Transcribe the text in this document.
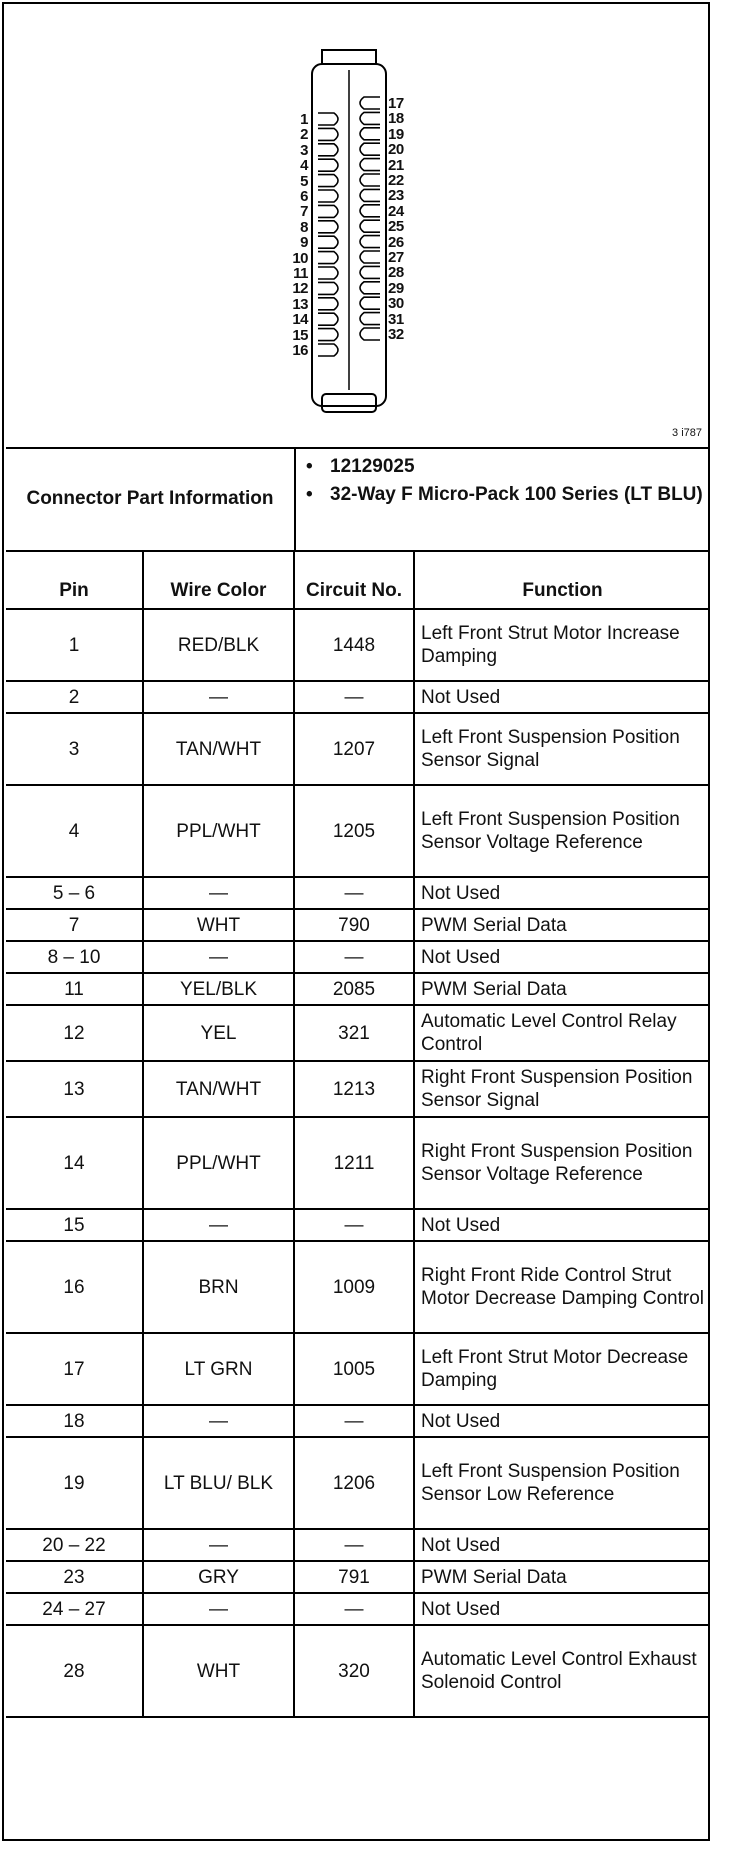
1
2
3
4
5
6
7
8
9
10
11
12
13
14
15
16
17
18
19
20
21
22
23
24
25
26
27
28
29
30
31
32
3 i787
Connector Part Information
• 12129025
• 32-Way F Micro-Pack 100 Series (LT BLU)
Pin	Wire Color	Circuit No.	Function
1	RED/BLK	1448	Left Front Strut Motor Increase Damping
2	—	—	Not Used
3	TAN/WHT	1207	Left Front Suspension Position Sensor Signal
4	PPL/WHT	1205	Left Front Suspension Position Sensor Voltage Reference
5 – 6	—	—	Not Used
7	WHT	790	PWM Serial Data
8 – 10	—	—	Not Used
11	YEL/BLK	2085	PWM Serial Data
12	YEL	321	Automatic Level Control Relay Control
13	TAN/WHT	1213	Right Front Suspension Position Sensor Signal
14	PPL/WHT	1211	Right Front Suspension Position Sensor Voltage Reference
15	—	—	Not Used
16	BRN	1009	Right Front Ride Control Strut Motor Decrease Damping Control
17	LT GRN	1005	Left Front Strut Motor Decrease Damping
18	—	—	Not Used
19	LT BLU/ BLK	1206	Left Front Suspension Position Sensor Low Reference
20 – 22	—	—	Not Used
23	GRY	791	PWM Serial Data
24 – 27	—	—	Not Used
28	WHT	320	Automatic Level Control Exhaust Solenoid Control
